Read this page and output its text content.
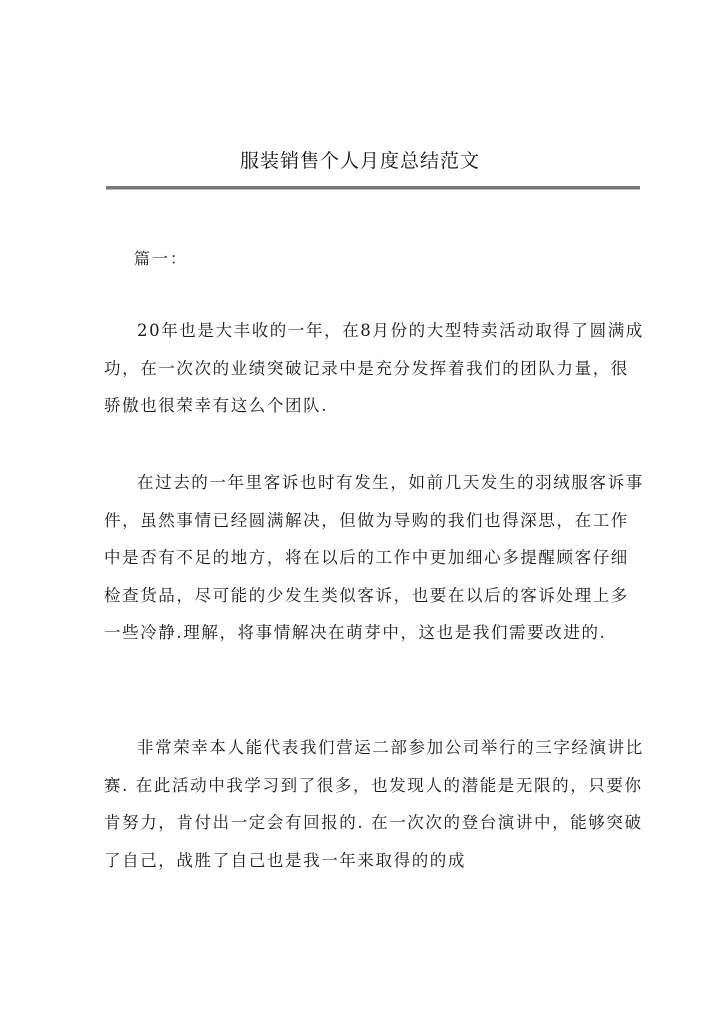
服装销售个人月度总结范文
篇一：

20年也是大丰收的一年，在8月份的大型特卖活动取得了圆满成功，在一次次的业绩突破记录中是充分发挥着我们的团队力量，很骄傲也很荣幸有这么个团队.

在过去的一年里客诉也时有发生，如前几天发生的羽绒服客诉事件，虽然事情已经圆满解决，但做为导购的我们也得深思，在工作中是否有不足的地方，将在以后的工作中更加细心多提醒顾客仔细检查货品，尽可能的少发生类似客诉，也要在以后的客诉处理上多一些冷静.理解，将事情解决在萌芽中，这也是我们需要改进的.

非常荣幸本人能代表我们营运二部参加公司举行的三字经演讲比赛. 在此活动中我学习到了很多，也发现人的潜能是无限的，只要你肯努力，肯付出一定会有回报的. 在一次次的登台演讲中，能够突破了自己，战胜了自己也是我一年来取得的的成
